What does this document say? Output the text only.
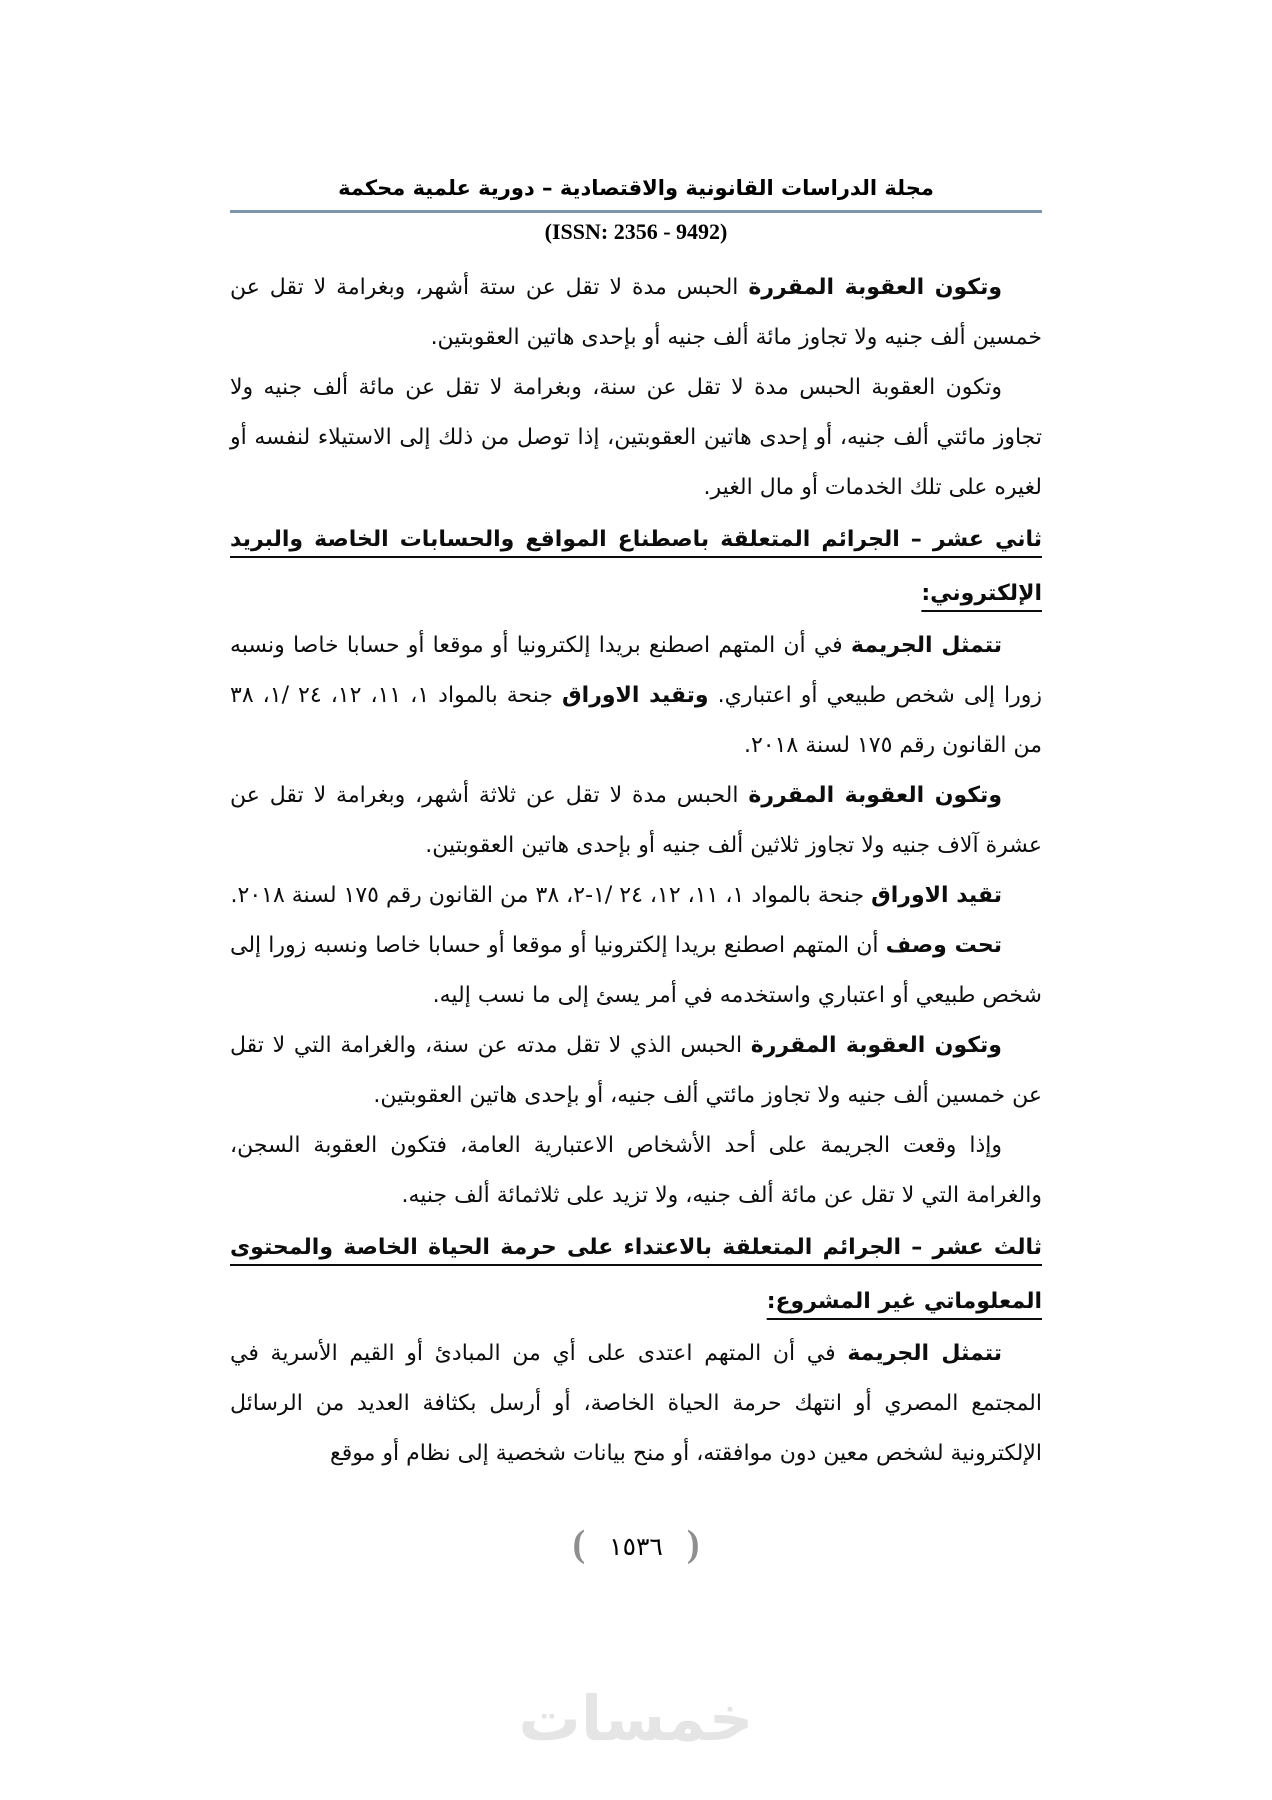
مجلة الدراسات القانونية والاقتصادية – دورية علمية محكمة
(ISSN: 2356 - 9492)

وتكون العقوبة المقررة الحبس مدة لا تقل عن ستة أشهر، وبغرامة لا تقل عن خمسين ألف جنيه ولا تجاوز مائة ألف جنيه أو بإحدى هاتين العقوبتين.

وتكون العقوبة الحبس مدة لا تقل عن سنة، وبغرامة لا تقل عن مائة ألف جنيه ولا تجاوز مائتي ألف جنيه، أو إحدى هاتين العقوبتين، إذا توصل من ذلك إلى الاستيلاء لنفسه أو لغيره على تلك الخدمات أو مال الغير.

ثاني عشر – الجرائم المتعلقة باصطناع المواقع والحسابات الخاصة والبريد الإلكتروني:

تتمثل الجريمة في أن المتهم اصطنع بريدا إلكترونيا أو موقعا أو حسابا خاصا ونسبه زورا إلى شخص طبيعي أو اعتباري. وتقيد الاوراق جنحة بالمواد ١، ١١، ١٢، ٢٤ /١، ٣٨ من القانون رقم ١٧٥ لسنة ٢٠١٨.

وتكون العقوبة المقررة الحبس مدة لا تقل عن ثلاثة أشهر، وبغرامة لا تقل عن عشرة آلاف جنيه ولا تجاوز ثلاثين ألف جنيه أو بإحدى هاتين العقوبتين.

تقيد الاوراق جنحة بالمواد ١، ١١، ١٢، ٢٤ /١-٢، ٣٨ من القانون رقم ١٧٥ لسنة ٢٠١٨.

تحت وصف أن المتهم اصطنع بريدا إلكترونيا أو موقعا أو حسابا خاصا ونسبه زورا إلى شخص طبيعي أو اعتباري واستخدمه في أمر يسئ إلى ما نسب إليه.

وتكون العقوبة المقررة الحبس الذي لا تقل مدته عن سنة، والغرامة التي لا تقل عن خمسين ألف جنيه ولا تجاوز مائتي ألف جنيه، أو بإحدى هاتين العقوبتين.

وإذا وقعت الجريمة على أحد الأشخاص الاعتبارية العامة، فتكون العقوبة السجن، والغرامة التي لا تقل عن مائة ألف جنيه، ولا تزيد على ثلاثمائة ألف جنيه.

ثالث عشر – الجرائم المتعلقة بالاعتداء على حرمة الحياة الخاصة والمحتوى المعلوماتي غير المشروع:

تتمثل الجريمة في أن المتهم اعتدى على أي من المبادئ أو القيم الأسرية في المجتمع المصري أو انتهك حرمة الحياة الخاصة، أو أرسل بكثافة العديد من الرسائل الإلكترونية لشخص معين دون موافقته، أو منح بيانات شخصية إلى نظام أو موقع

(١٥٣٦)
خمسات
